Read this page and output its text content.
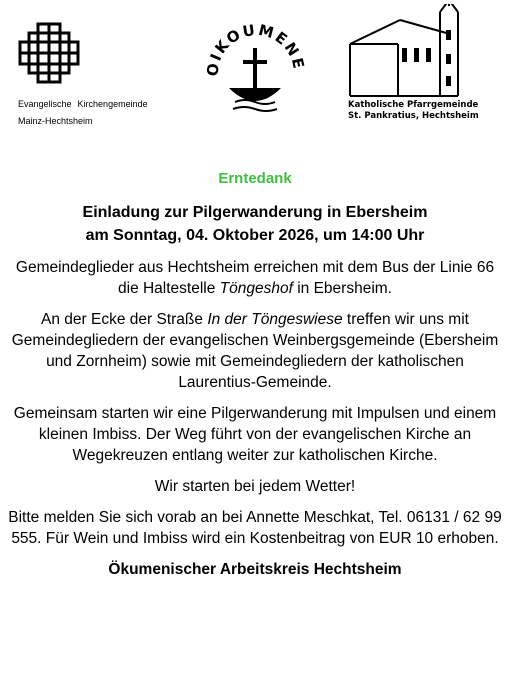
Evangelische Kirchengemeinde
Mainz-Hechtsheim
OIKOUMEN
Katholische Pfarrgemeinde
St. Pankratius, Hechtsheim
Erntedank
Einladung zur Pilgerwanderung in Ebersheim
am Sonntag, 04. Oktober 2026, um 14:00 Uhr

Gemeindeglieder aus Hechtsheim erreichen mit dem Bus der Linie 66 die Haltestelle Töngeshof in Ebersheim.

An der Ecke der Straße In der Töngeswiese treffen wir uns mit Gemeindegliedern der evangelischen Weinbergsgemeinde (Ebersheim und Zornheim) sowie mit Gemeindegliedern der katholischen Laurentius-Gemeinde.

Gemeinsam starten wir eine Pilgerwanderung mit Impulsen und einem kleinen Imbiss. Der Weg führt von der evangelischen Kirche an Wegekreuzen entlang weiter zur katholischen Kirche.

Wir starten bei jedem Wetter!

Bitte melden Sie sich vorab an bei Annette Meschkat, Tel. 06131 / 62 99 555. Für Wein und Imbiss wird ein Kostenbeitrag von EUR 10 erhoben.

Ökumenischer Arbeitskreis Hechtsheim
